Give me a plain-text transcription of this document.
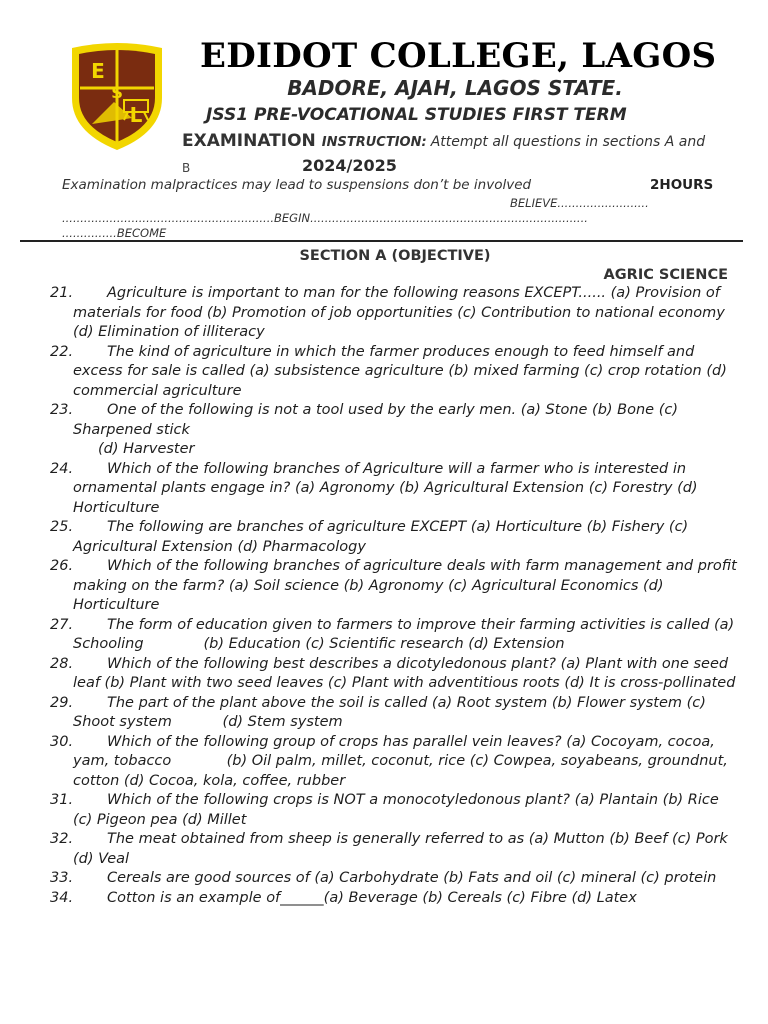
E
$
L
EDIDOT COLLEGE, LAGOS
BADORE, AJAH, LAGOS STATE.
JSS1 PRE-VOCATIONAL STUDIES FIRST TERM
EXAMINATION INSTRUCTION: Attempt all questions in sections A and
B	2024/2025
Examination malpractices may lead to suspensions don’t be involved	2HOURS
BELIEVE.........................
..........................................................BEGIN............................................................................
...............BECOME
SECTION A (OBJECTIVE)
AGRIC SCIENCE
21. Agriculture is important to man for the following reasons EXCEPT...... (a) Provision of materials for food (b) Promotion of job opportunities (c) Contribution to national economy (d) Elimination of illiteracy
22. The kind of agriculture in which the farmer produces enough to feed himself and excess for sale is called (a) subsistence agriculture (b) mixed farming (c) crop rotation (d) commercial agriculture
23. One of the following is not a tool used by the early men. (a) Stone (b) Bone (c) Sharpened stick
(d) Harvester
24. Which of the following branches of Agriculture will a farmer who is interested in ornamental plants engage in? (a) Agronomy (b) Agricultural Extension (c) Forestry (d) Horticulture
25. The following are branches of agriculture EXCEPT (a) Horticulture (b) Fishery (c) Agricultural Extension (d) Pharmacology
26. Which of the following branches of agriculture deals with farm management and profit making on the farm? (a) Soil science (b) Agronomy (c) Agricultural Economics (d) Horticulture
27. The form of education given to farmers to improve their farming activities is called (a) Schooling             (b) Education (c) Scientific research (d) Extension
28. Which of the following best describes a dicotyledonous plant? (a) Plant with one seed leaf (b) Plant with two seed leaves (c) Plant with adventitious roots (d) It is cross-pollinated
29. The part of the plant above the soil is called (a) Root system (b) Flower system (c) Shoot system           (d) Stem system
30. Which of the following group of crops has parallel vein leaves? (a) Cocoyam, cocoa, yam, tobacco            (b) Oil palm, millet, coconut, rice (c) Cowpea, soyabeans, groundnut, cotton (d) Cocoa, kola, coffee, rubber
31. Which of the following crops is NOT a monocotyledonous plant? (a) Plantain (b) Rice (c) Pigeon pea (d) Millet
32. The meat obtained from sheep is generally referred to as (a) Mutton (b) Beef (c) Pork (d) Veal
33. Cereals are good sources of (a) Carbohydrate (b) Fats and oil (c) mineral (c) protein
34. Cotton is an example of______(a) Beverage (b) Cereals (c) Fibre (d) Latex
